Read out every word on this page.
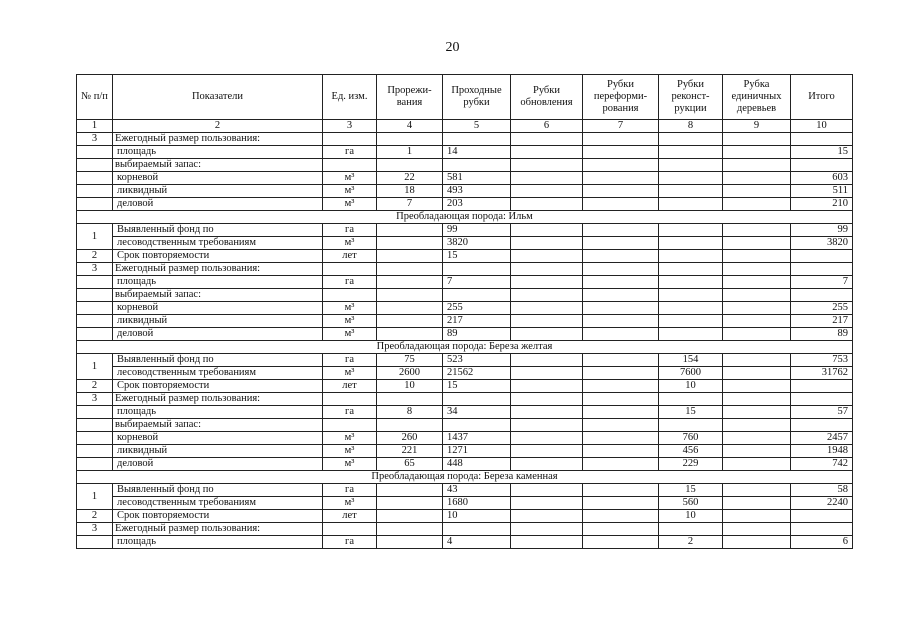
20
№ п/п	Показатели	Ед. изм.	Прорежи-вания	Проходные рубки	Рубки обновления	Рубки переформи-рования	Рубки реконст-рукции	Рубка единичных деревьев	Итого
1	2	3	4	5	6	7	8	9	10
3	Ежегодный размер пользования:								
	площадь	га	1	14					15
	выбираемый запас:								
	корневой	м³	22	581					603
	ликвидный	м³	18	493					511
	деловой	м³	7	203					210
Преобладающая порода: Ильм									
1	Выявленный фонд по	га		99					99
	лесоводственным требованиям	м³		3820					3820
2	Срок повторяемости	лет		15					
3	Ежегодный размер пользования:								
	площадь	га		7					7
	выбираемый запас:								
	корневой	м³		255					255
	ликвидный	м³		217					217
	деловой	м³		89					89
Преобладающая порода: Береза желтая									
1	Выявленный фонд по	га	75	523			154		753
	лесоводственным требованиям	м³	2600	21562			7600		31762
2	Срок повторяемости	лет	10	15			10		
3	Ежегодный размер пользования:								
	площадь	га	8	34			15		57
	выбираемый запас:								
	корневой	м³	260	1437			760		2457
	ликвидный	м³	221	1271			456		1948
	деловой	м³	65	448			229		742
Преобладающая порода: Береза каменная									
1	Выявленный фонд по	га		43			15		58
	лесоводственным требованиям	м³		1680			560		2240
2	Срок повторяемости	лет		10			10		
3	Ежегодный размер пользования:								
	площадь	га		4			2		6
